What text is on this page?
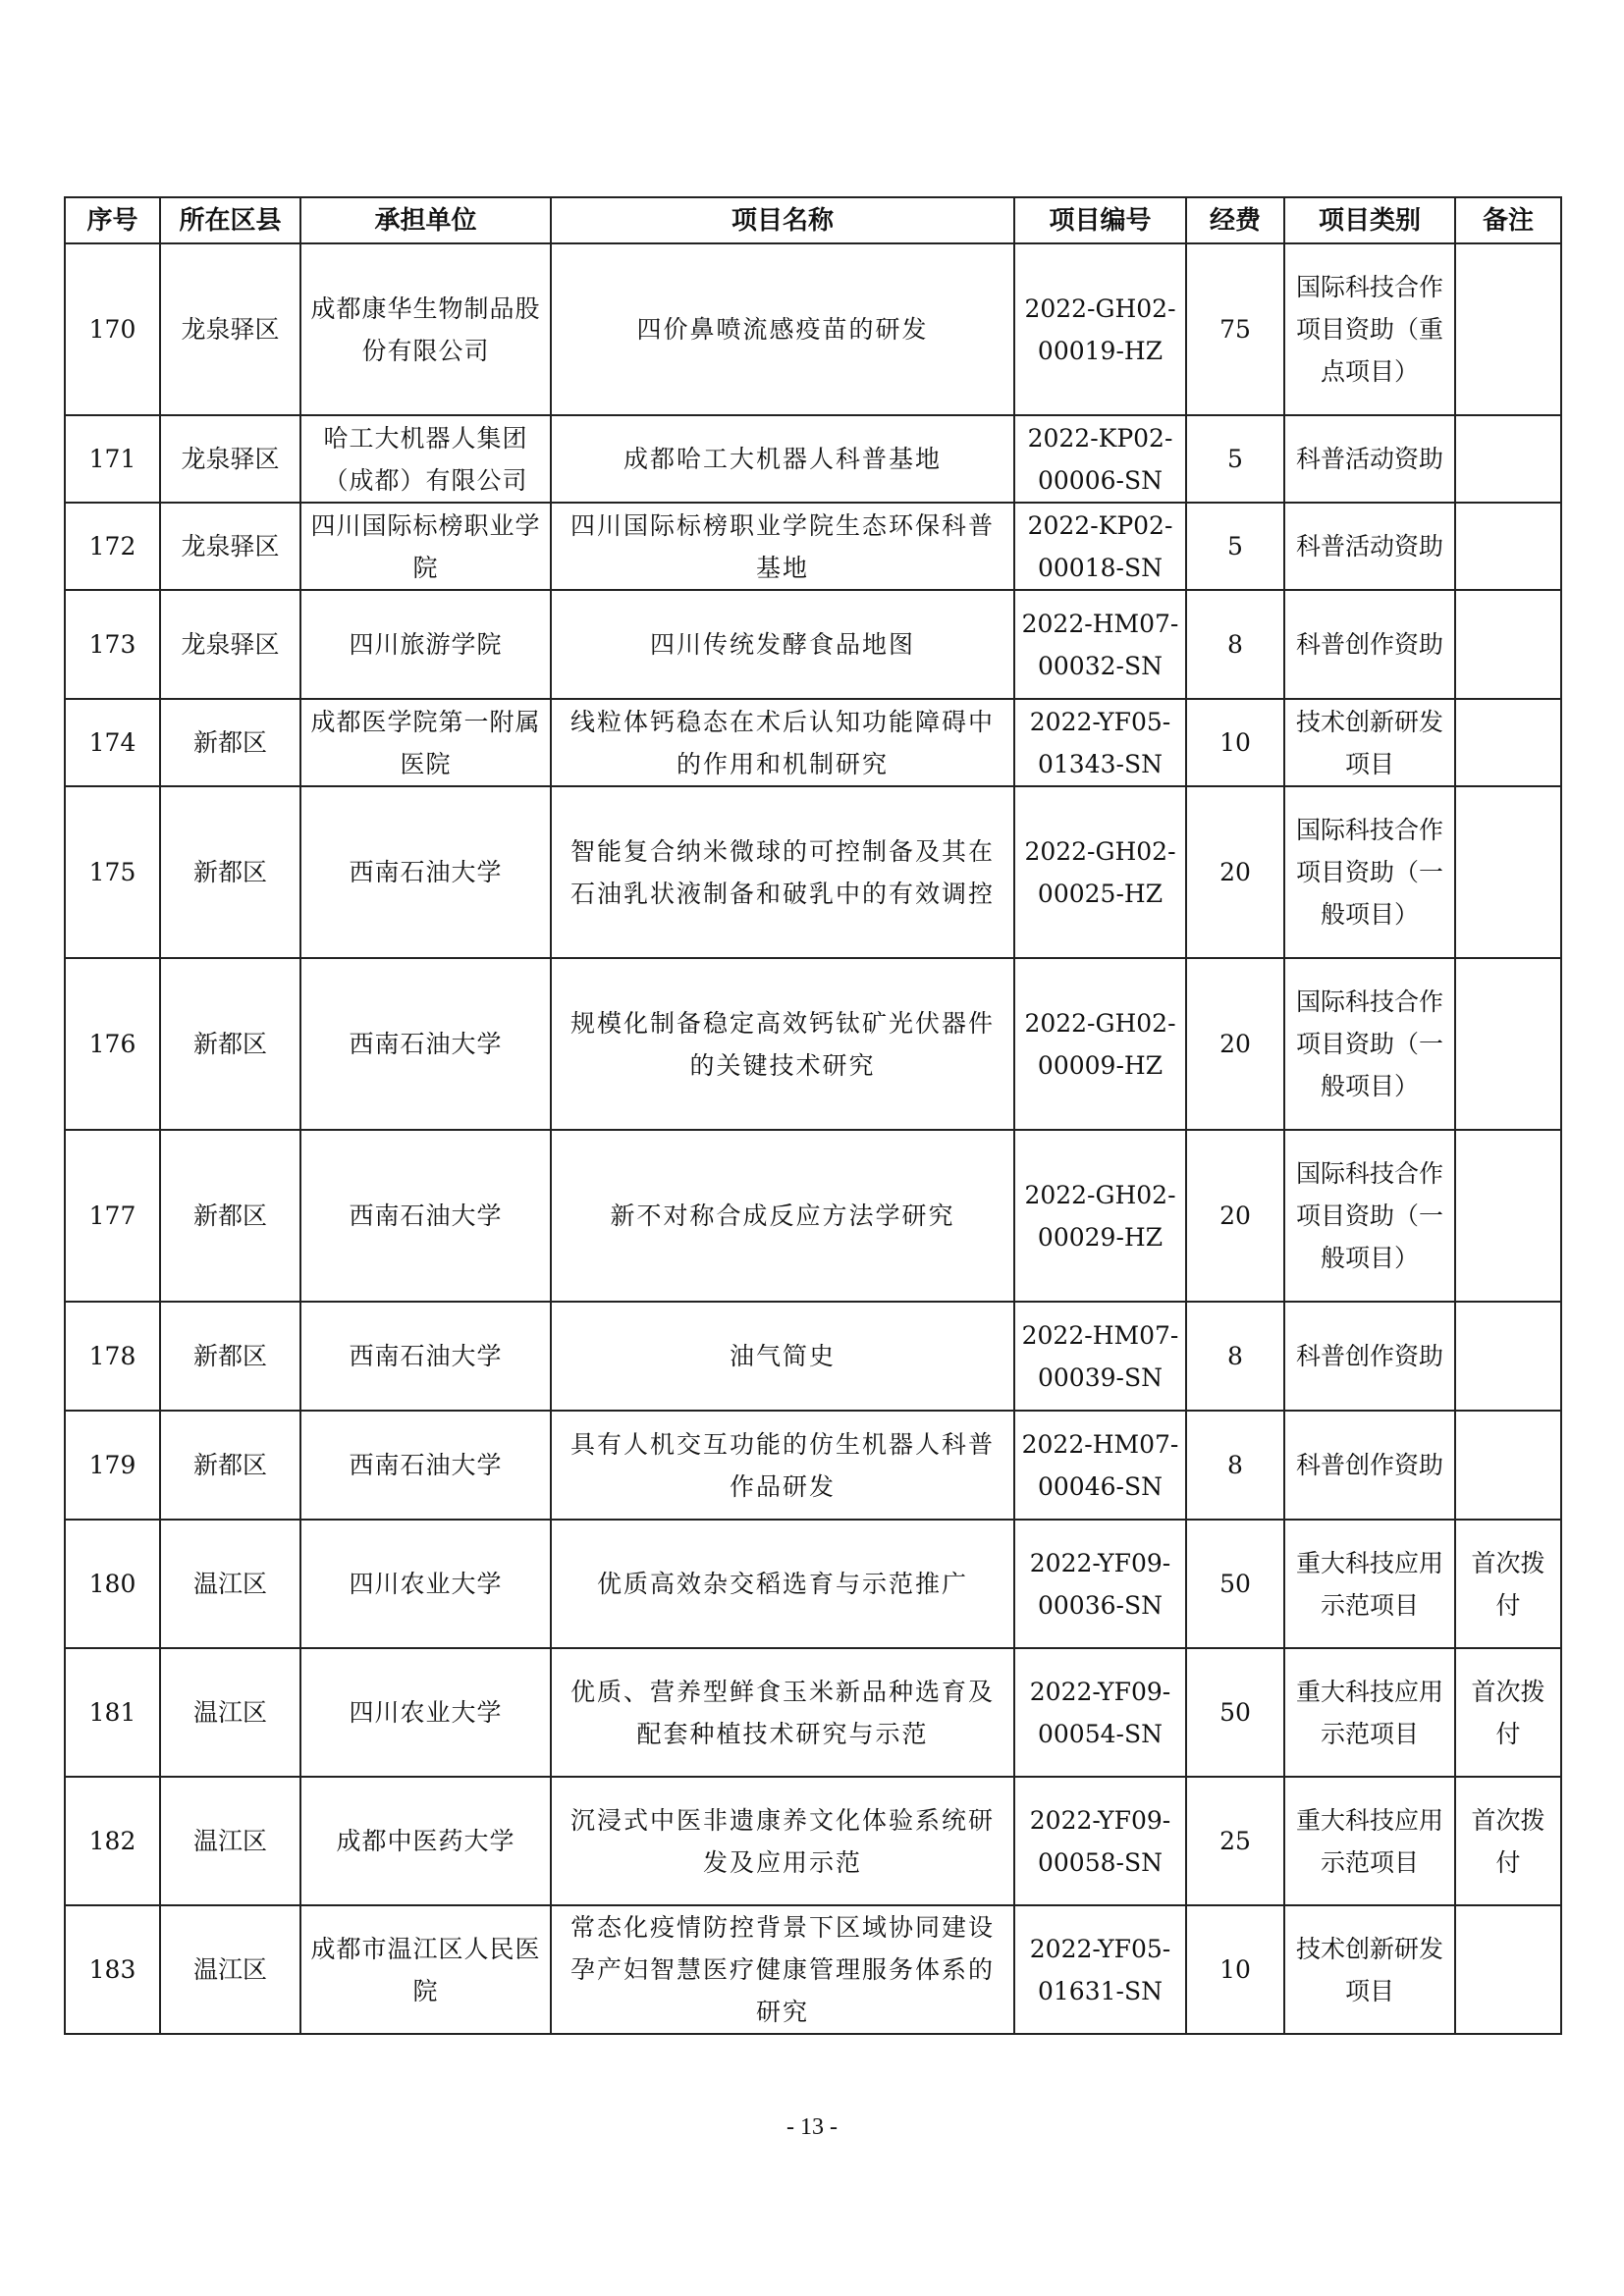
序号	所在区县	承担单位	项目名称	项目编号	经费	项目类别	备注
170	龙泉驿区	成都康华生物制品股份有限公司	四价鼻喷流感疫苗的研发	2022-GH02-00019-HZ	75	国际科技合作项目资助（重点项目）	
171	龙泉驿区	哈工大机器人集团（成都）有限公司	成都哈工大机器人科普基地	2022-KP02-00006-SN	5	科普活动资助	
172	龙泉驿区	四川国际标榜职业学院	四川国际标榜职业学院生态环保科普基地	2022-KP02-00018-SN	5	科普活动资助	
173	龙泉驿区	四川旅游学院	四川传统发酵食品地图	2022-HM07-00032-SN	8	科普创作资助	
174	新都区	成都医学院第一附属医院	线粒体钙稳态在术后认知功能障碍中的作用和机制研究	2022-YF05-01343-SN	10	技术创新研发项目	
175	新都区	西南石油大学	智能复合纳米微球的可控制备及其在石油乳状液制备和破乳中的有效调控	2022-GH02-00025-HZ	20	国际科技合作项目资助（一般项目）	
176	新都区	西南石油大学	规模化制备稳定高效钙钛矿光伏器件的关键技术研究	2022-GH02-00009-HZ	20	国际科技合作项目资助（一般项目）	
177	新都区	西南石油大学	新不对称合成反应方法学研究	2022-GH02-00029-HZ	20	国际科技合作项目资助（一般项目）	
178	新都区	西南石油大学	油气简史	2022-HM07-00039-SN	8	科普创作资助	
179	新都区	西南石油大学	具有人机交互功能的仿生机器人科普作品研发	2022-HM07-00046-SN	8	科普创作资助	
180	温江区	四川农业大学	优质高效杂交稻选育与示范推广	2022-YF09-00036-SN	50	重大科技应用示范项目	首次拨付
181	温江区	四川农业大学	优质、营养型鲜食玉米新品种选育及配套种植技术研究与示范	2022-YF09-00054-SN	50	重大科技应用示范项目	首次拨付
182	温江区	成都中医药大学	沉浸式中医非遗康养文化体验系统研发及应用示范	2022-YF09-00058-SN	25	重大科技应用示范项目	首次拨付
183	温江区	成都市温江区人民医院	常态化疫情防控背景下区域协同建设孕产妇智慧医疗健康管理服务体系的研究	2022-YF05-01631-SN	10	技术创新研发项目	
- 13 -
